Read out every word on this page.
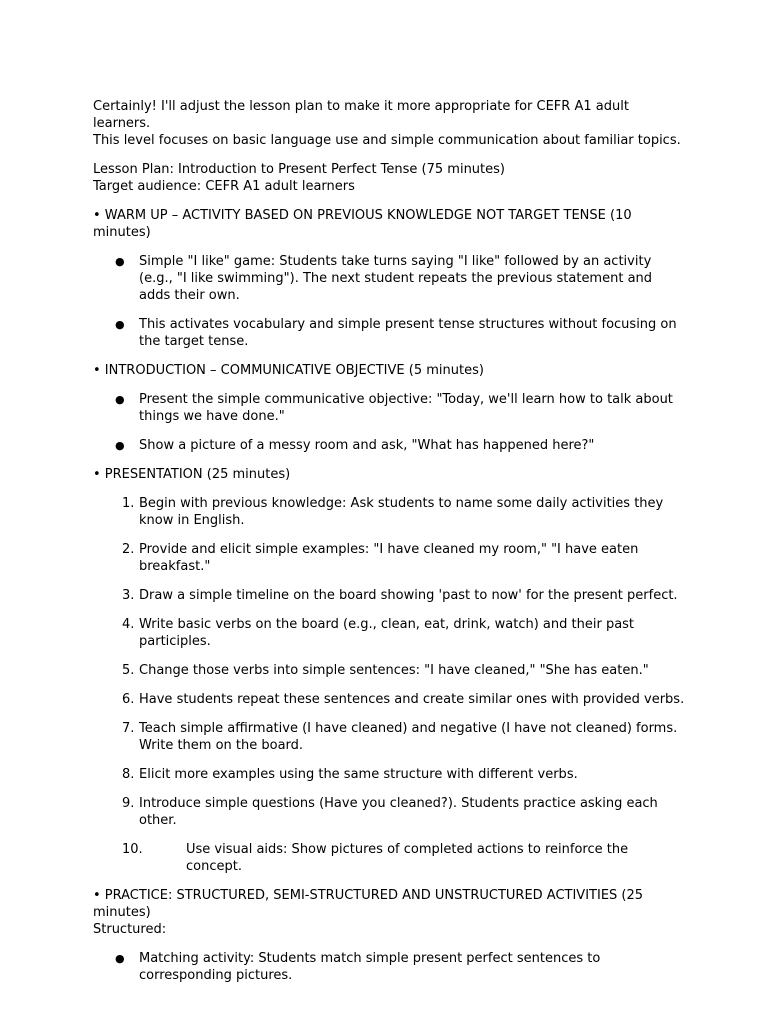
Certainly! I'll adjust the lesson plan to make it more appropriate for CEFR A1 adult learners.

This level focuses on basic language use and simple communication about familiar topics.

Lesson Plan: Introduction to Present Perfect Tense (75 minutes)

Target audience: CEFR A1 adult learners

• WARM UP – ACTIVITY BASED ON PREVIOUS KNOWLEDGE NOT TARGET TENSE (10 minutes)

● Simple "I like" game: Students take turns saying "I like" followed by an activity (e.g., "I like swimming"). The next student repeats the previous statement and adds their own.
● This activates vocabulary and simple present tense structures without focusing on the target tense.

• INTRODUCTION – COMMUNICATIVE OBJECTIVE (5 minutes)

● Present the simple communicative objective: "Today, we'll learn how to talk about things we have done."
● Show a picture of a messy room and ask, "What has happened here?"

• PRESENTATION (25 minutes)

1. Begin with previous knowledge: Ask students to name some daily activities they know in English.
2. Provide and elicit simple examples: "I have cleaned my room," "I have eaten breakfast."
3. Draw a simple timeline on the board showing 'past to now' for the present perfect.
4. Write basic verbs on the board (e.g., clean, eat, drink, watch) and their past participles.
5. Change those verbs into simple sentences: "I have cleaned," "She has eaten."
6. Have students repeat these sentences and create similar ones with provided verbs.
7. Teach simple affirmative (I have cleaned) and negative (I have not cleaned) forms. Write them on the board.
8. Elicit more examples using the same structure with different verbs.
9. Introduce simple questions (Have you cleaned?). Students practice asking each other.
10.	Use visual aids: Show pictures of completed actions to reinforce the concept.

• PRACTICE: STRUCTURED, SEMI-STRUCTURED AND UNSTRUCTURED ACTIVITIES (25 minutes)

Structured:

● Matching activity: Students match simple present perfect sentences to corresponding pictures.
